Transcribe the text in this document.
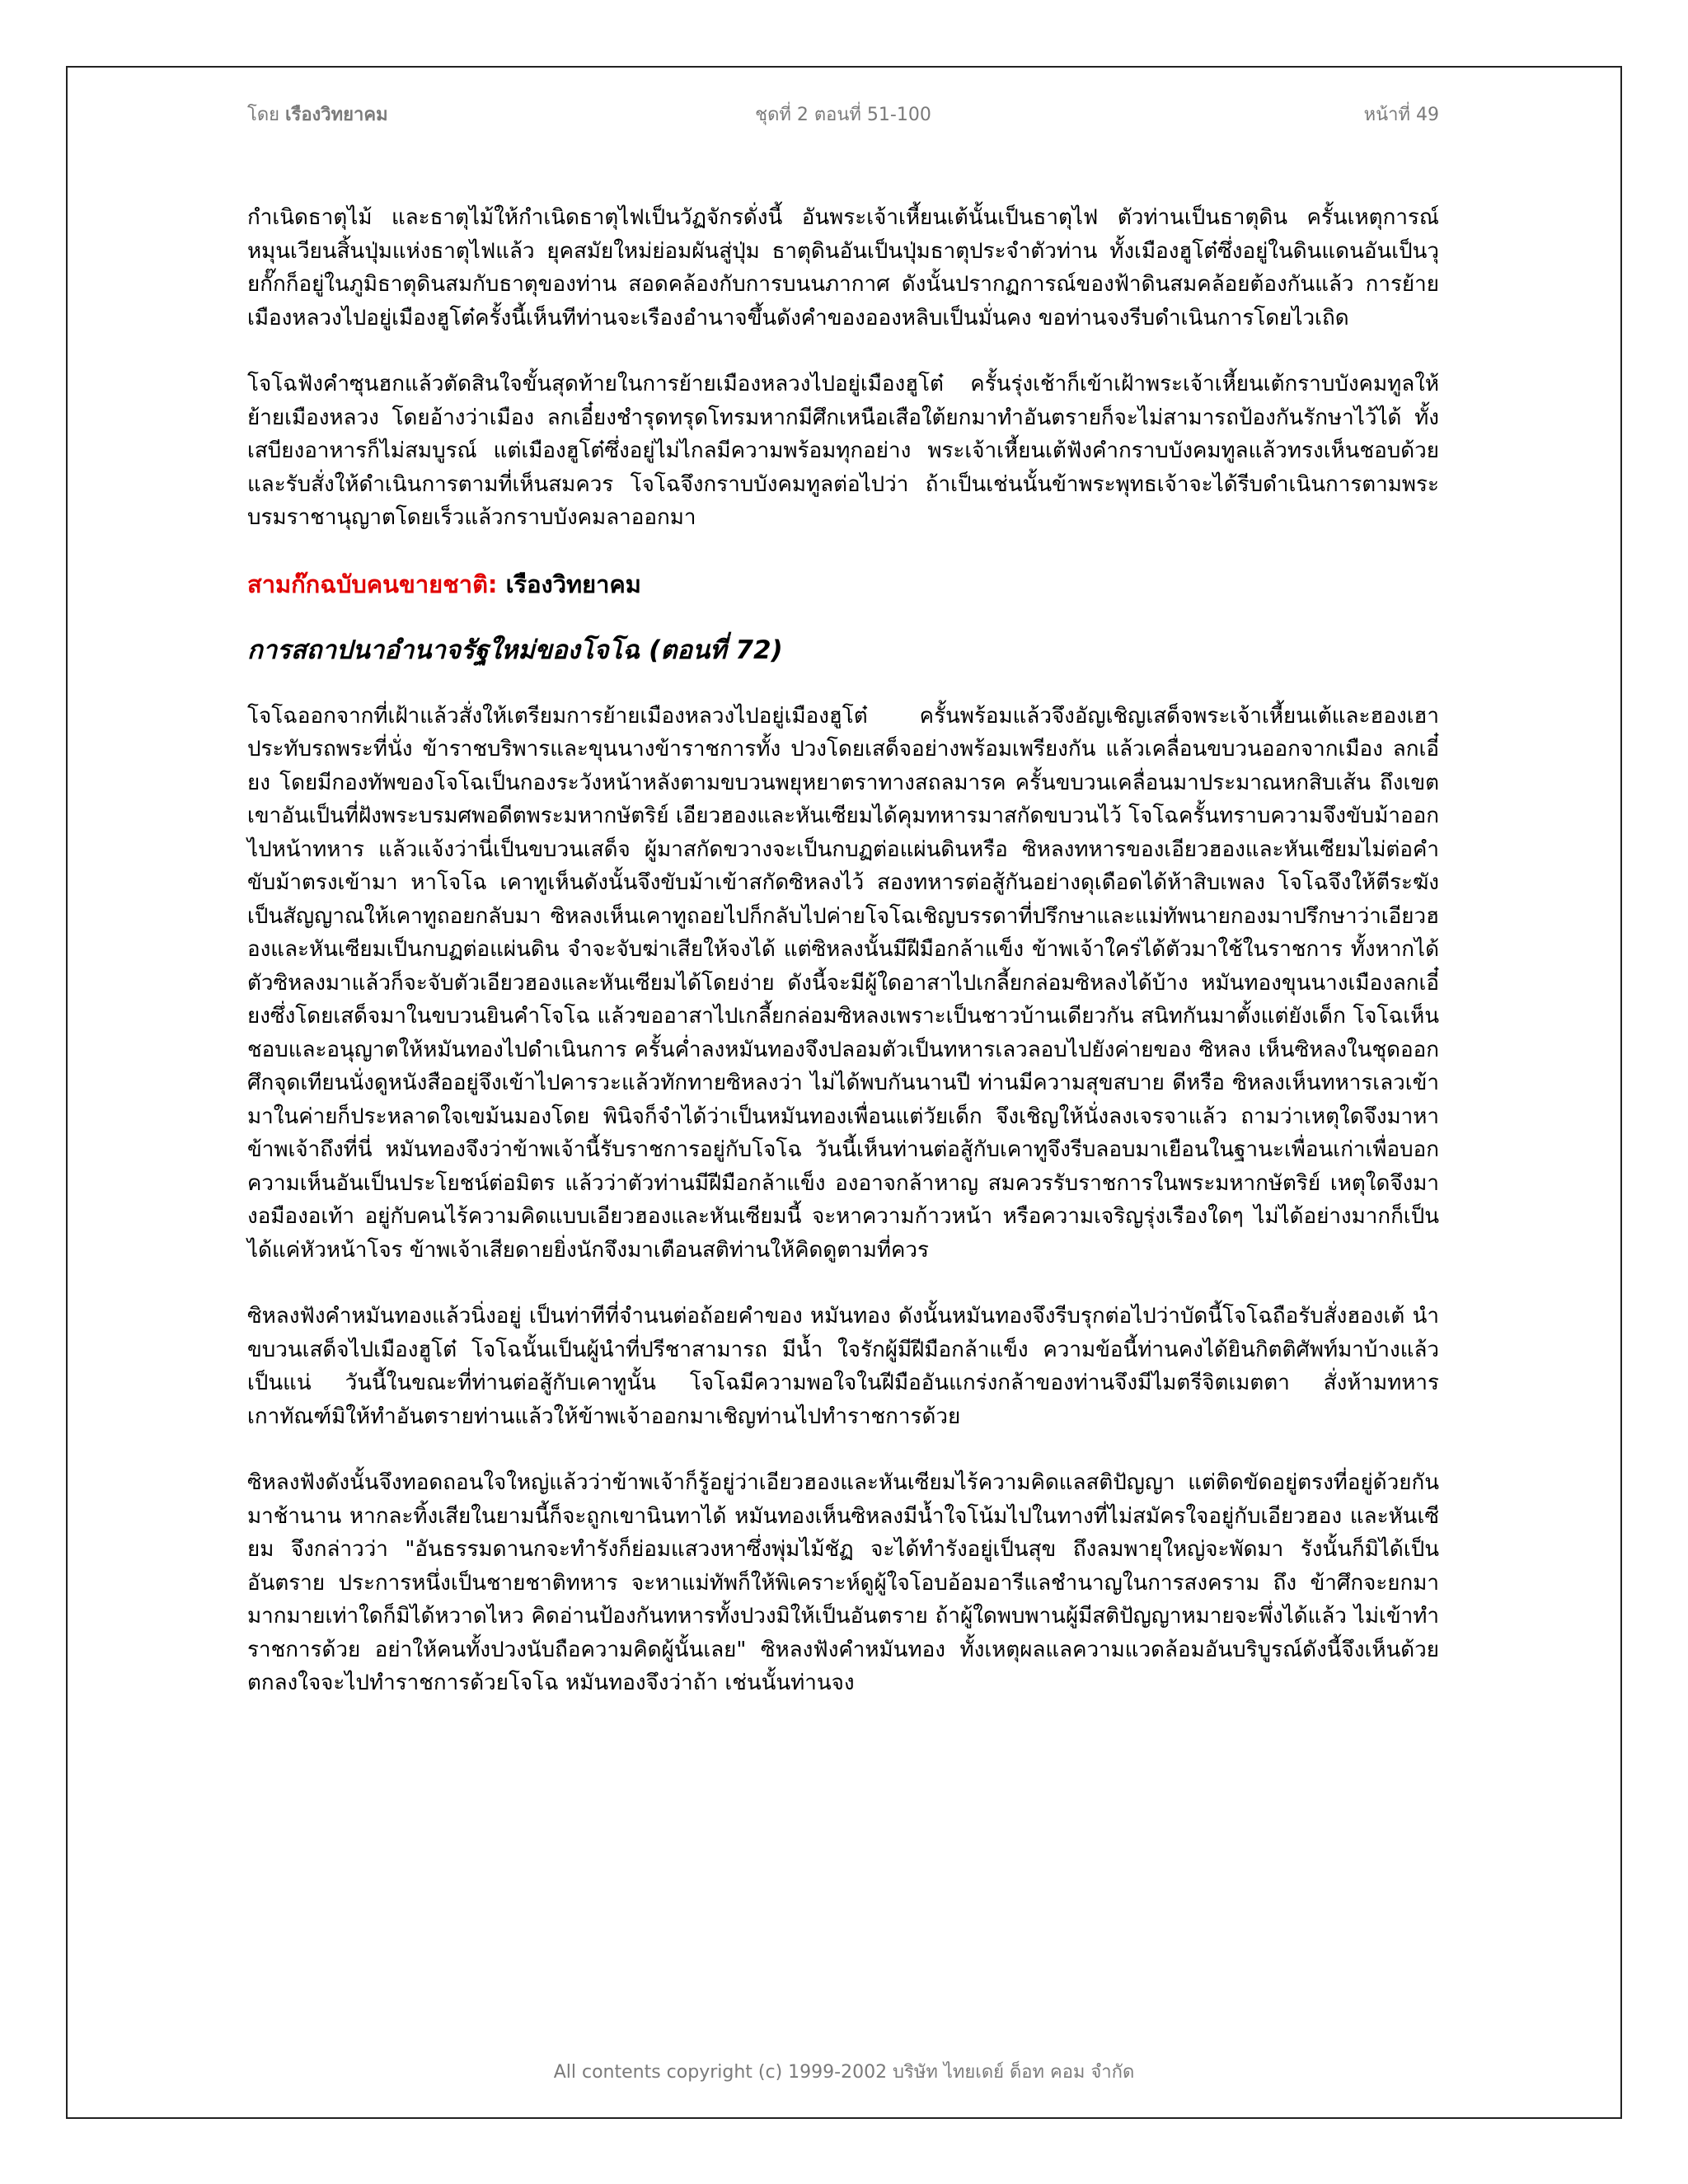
โดย เรืองวิทยาคม	ชุดที่ 2 ตอนที่ 51-100	หน้าที่ 49

กำเนิดธาตุไม้ และธาตุไม้ให้กำเนิดธาตุไฟเป็นวัฏจักรดั่งนี้ อันพระเจ้าเหี้ยนเต้นั้นเป็นธาตุไฟ ตัวท่านเป็นธาตุดิน ครั้นเหตุการณ์หมุนเวียนสิ้นปุ่มแห่งธาตุไฟแล้ว ยุคสมัยใหม่ย่อมผันสู่ปุ่ม ธาตุดินอันเป็นปุ่มธาตุประจำตัวท่าน ทั้งเมืองฮูโต๋ซึ่งอยู่ในดินแดนอันเป็นวุยกั๊กก็อยู่ในภูมิธาตุดินสมกับธาตุของท่าน สอดคล้องกับการบนนภากาศ ดังนั้นปรากฏการณ์ของฟ้าดินสมคล้อยต้องกันแล้ว การย้ายเมืองหลวงไปอยู่เมืองฮูโต๋ครั้งนี้เห็นทีท่านจะเรืองอำนาจขึ้นดังคำของอองหลิบเป็นมั่นคง ขอท่านจงรีบดำเนินการโดยไวเถิด

โจโฉฟังคำซุนฮกแล้วตัดสินใจขั้นสุดท้ายในการย้ายเมืองหลวงไปอยู่เมืองฮูโต๋ ครั้นรุ่งเช้าก็เข้าเฝ้าพระเจ้าเหี้ยนเต้กราบบังคมทูลให้ย้ายเมืองหลวง โดยอ้างว่าเมือง ลกเอี๋ยงชำรุดทรุดโทรมหากมีศึกเหนือเสือใต้ยกมาทำอันตรายก็จะไม่สามารถป้องกันรักษาไว้ได้ ทั้งเสบียงอาหารก็ไม่สมบูรณ์ แต่เมืองฮูโต๋ซึ่งอยู่ไม่ไกลมีความพร้อมทุกอย่าง พระเจ้าเหี้ยนเต้ฟังคำกราบบังคมทูลแล้วทรงเห็นชอบด้วย และรับสั่งให้ดำเนินการตามที่เห็นสมควร โจโฉจึงกราบบังคมทูลต่อไปว่า ถ้าเป็นเช่นนั้นข้าพระพุทธเจ้าจะได้รีบดำเนินการตามพระบรมราชานุญาตโดยเร็วแล้วกราบบังคมลาออกมา

สามก๊กฉบับคนขายชาติ: เรืองวิทยาคม
การสถาปนาอำนาจรัฐใหม่ของโจโฉ (ตอนที่ 72)

โจโฉออกจากที่เฝ้าแล้วสั่งให้เตรียมการย้ายเมืองหลวงไปอยู่เมืองฮูโต๋ ครั้นพร้อมแล้วจึงอัญเชิญเสด็จพระเจ้าเหี้ยนเต้และฮองเฮาประทับรถพระที่นั่ง ข้าราชบริพารและขุนนางข้าราชการทั้ง ปวงโดยเสด็จอย่างพร้อมเพรียงกัน แล้วเคลื่อนขบวนออกจากเมือง ลกเอี๋ยง โดยมีกองทัพของโจโฉเป็นกองระวังหน้าหลังตามขบวนพยุหยาตราทางสถลมารค ครั้นขบวนเคลื่อนมาประมาณหกสิบเส้น ถึงเขตเขาอันเป็นที่ฝังพระบรมศพอดีตพระมหากษัตริย์ เอียวฮองและหันเซียมได้คุมทหารมาสกัดขบวนไว้ โจโฉครั้นทราบความจึงขับม้าออกไปหน้าทหาร แล้วแจ้งว่านี่เป็นขบวนเสด็จ ผู้มาสกัดขวางจะเป็นกบฏต่อแผ่นดินหรือ ซิหลงทหารของเอียวฮองและหันเซียมไม่ต่อคำ ขับม้าตรงเข้ามา หาโจโฉ เคาทูเห็นดังนั้นจึงขับม้าเข้าสกัดซิหลงไว้ สองทหารต่อสู้กันอย่างดุเดือดได้ห้าสิบเพลง โจโฉจึงให้ตีระฆังเป็นสัญญาณให้เคาทูถอยกลับมา ซิหลงเห็นเคาทูถอยไปก็กลับไปค่ายโจโฉเชิญบรรดาที่ปรึกษาและแม่ทัพนายกองมาปรึกษาว่าเอียวฮองและหันเซียมเป็นกบฏต่อแผ่นดิน จำจะจับฆ่าเสียให้จงได้ แต่ซิหลงนั้นมีฝีมือกล้าแข็ง ข้าพเจ้าใคร่ได้ตัวมาใช้ในราชการ ทั้งหากได้ตัวซิหลงมาแล้วก็จะจับตัวเอียวฮองและหันเซียมได้โดยง่าย ดังนี้จะมีผู้ใดอาสาไปเกลี้ยกล่อมซิหลงได้บ้าง หมันทองขุนนางเมืองลกเอี๋ยงซึ่งโดยเสด็จมาในขบวนยินคำโจโฉ แล้วขออาสาไปเกลี้ยกล่อมซิหลงเพราะเป็นชาวบ้านเดียวกัน สนิทกันมาตั้งแต่ยังเด็ก โจโฉเห็นชอบและอนุญาตให้หมันทองไปดำเนินการ ครั้นค่ำลงหมันทองจึงปลอมตัวเป็นทหารเลวลอบไปยังค่ายของ ซิหลง เห็นซิหลงในชุดออกศึกจุดเทียนนั่งดูหนังสืออยู่จึงเข้าไปคารวะแล้วทักทายซิหลงว่า ไม่ได้พบกันนานปี ท่านมีความสุขสบาย ดีหรือ ซิหลงเห็นทหารเลวเข้ามาในค่ายก็ประหลาดใจเขม้นมองโดย พินิจก็จำได้ว่าเป็นหมันทองเพื่อนแต่วัยเด็ก จึงเชิญให้นั่งลงเจรจาแล้ว ถามว่าเหตุใดจึงมาหาข้าพเจ้าถึงที่นี่ หมันทองจึงว่าข้าพเจ้านี้รับราชการอยู่กับโจโฉ วันนี้เห็นท่านต่อสู้กับเคาทูจึงรีบลอบมาเยือนในฐานะเพื่อนเก่าเพื่อบอกความเห็นอันเป็นประโยชน์ต่อมิตร แล้วว่าตัวท่านมีฝีมือกล้าแข็ง องอาจกล้าหาญ สมควรรับราชการในพระมหากษัตริย์ เหตุใดจึงมางอมืองอเท้า อยู่กับคนไร้ความคิดแบบเอียวฮองและหันเซียมนี้ จะหาความก้าวหน้า หรือความเจริญรุ่งเรืองใดๆ ไม่ได้อย่างมากก็เป็นได้แค่หัวหน้าโจร ข้าพเจ้าเสียดายยิ่งนักจึงมาเตือนสติท่านให้คิดดูตามที่ควร

ซิหลงฟังคำหมันทองแล้วนิ่งอยู่ เป็นท่าทีที่จำนนต่อถ้อยคำของ หมันทอง ดังนั้นหมันทองจึงรีบรุกต่อไปว่าบัดนี้โจโฉถือรับสั่งฮองเต้ นำขบวนเสด็จไปเมืองฮูโต๋ โจโฉนั้นเป็นผู้นำที่ปรีชาสามารถ มีน้ำ ใจรักผู้มีฝีมือกล้าแข็ง ความข้อนี้ท่านคงได้ยินกิตติศัพท์มาบ้างแล้ว เป็นแน่ วันนี้ในขณะที่ท่านต่อสู้กับเคาทูนั้น โจโฉมีความพอใจในฝีมืออันแกร่งกล้าของท่านจึงมีไมตรีจิตเมตตา สั่งห้ามทหารเกาทัณฑ์มิให้ทำอันตรายท่านแล้วให้ข้าพเจ้าออกมาเชิญท่านไปทำราชการด้วย

ซิหลงฟังดังนั้นจึงทอดถอนใจใหญ่แล้วว่าข้าพเจ้าก็รู้อยู่ว่าเอียวฮองและหันเซียมไร้ความคิดแลสติปัญญา แต่ติดขัดอยู่ตรงที่อยู่ด้วยกันมาช้านาน หากละทิ้งเสียในยามนี้ก็จะถูกเขานินทาได้ หมันทองเห็นซิหลงมีน้ำใจโน้มไปในทางที่ไม่สมัครใจอยู่กับเอียวฮอง และหันเซียม จึงกล่าวว่า "อันธรรมดานกจะทำรังก็ย่อมแสวงหาซึ่งพุ่มไม้ชัฏ จะได้ทำรังอยู่เป็นสุข ถึงลมพายุใหญ่จะพัดมา รังนั้นก็มิได้เป็นอันตราย ประการหนึ่งเป็นชายชาติทหาร จะหาแม่ทัพก็ให้พิเคราะห์ดูผู้ใจโอบอ้อมอารีแลชำนาญในการสงคราม ถึง ข้าศึกจะยกมามากมายเท่าใดก็มิได้หวาดไหว คิดอ่านป้องกันทหารทั้งปวงมิให้เป็นอันตราย ถ้าผู้ใดพบพานผู้มีสติปัญญาหมายจะพึ่งได้แล้ว ไม่เข้าทำราชการด้วย อย่าให้คนทั้งปวงนับถือความคิดผู้นั้นเลย" ซิหลงฟังคำหมันทอง ทั้งเหตุผลแลความแวดล้อมอันบริบูรณ์ดังนี้จึงเห็นด้วยตกลงใจจะไปทำราชการด้วยโจโฉ หมันทองจึงว่าถ้า เช่นนั้นท่านจง

All contents copyright (c) 1999-2002 บริษัท ไทยเดย์ ด็อท คอม จำกัด
